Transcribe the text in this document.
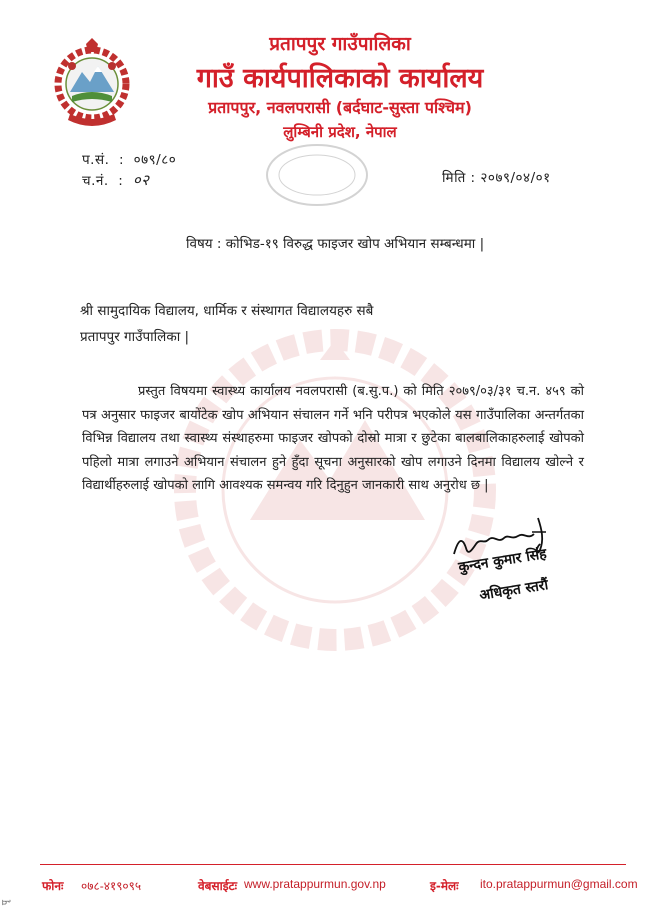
प्रतापपुर गाउँपालिका
गाउँ कार्यपालिकाको कार्यालय
प्रतापपुर, नवलपरासी (बर्दघाट-सुस्ता पश्चिम)
लुम्बिनी प्रदेश, नेपाल
प.सं.  :  ०७९/८०
च.नं.  :  ०२	मिति : २०७९/०४/०१
विषय : कोभिड-१९ विरुद्ध फाइजर खोप अभियान सम्बन्धमा |
श्री सामुदायिक विद्यालय, धार्मिक र संस्थागत विद्यालयहरु सबै
प्रतापपुर गाउँपालिका |
प्रस्तुत विषयमा स्वास्थ्य कार्यालय नवलपरासी (ब.सु.प.) को मिति २०७९/०३/३१ च.न. ४५९ को पत्र अनुसार फाइजर बायोंटेक खोप अभियान संचालन गर्ने भनि परीपत्र भएकोले यस गाउँपालिका अन्तर्गतका विभिन्न विद्यालय तथा स्वास्थ्य संस्थाहरुमा फाइजर खोपको दोस्रो मात्रा र छुटेका बालबालिकाहरुलाई खोपको पहिलो मात्रा लगाउने अभियान संचालन हुने हुँदा सूचना अनुसारको खोप लगाउने दिनमा विद्यालय खोल्ने र विद्यार्थीहरुलाई खोपको लागि आवश्यक समन्वय गरि दिनुहुन जानकारी साथ अनुरोध छ |
कुन्दन कुमार सिंह
अधिकृत स्तरौं
फोनः ०७८-४१९०९५	वेबसाईटः www.pratappurmun.gov.np	इ-मेलः ito.pratappurmun@gmail.com
पृ
